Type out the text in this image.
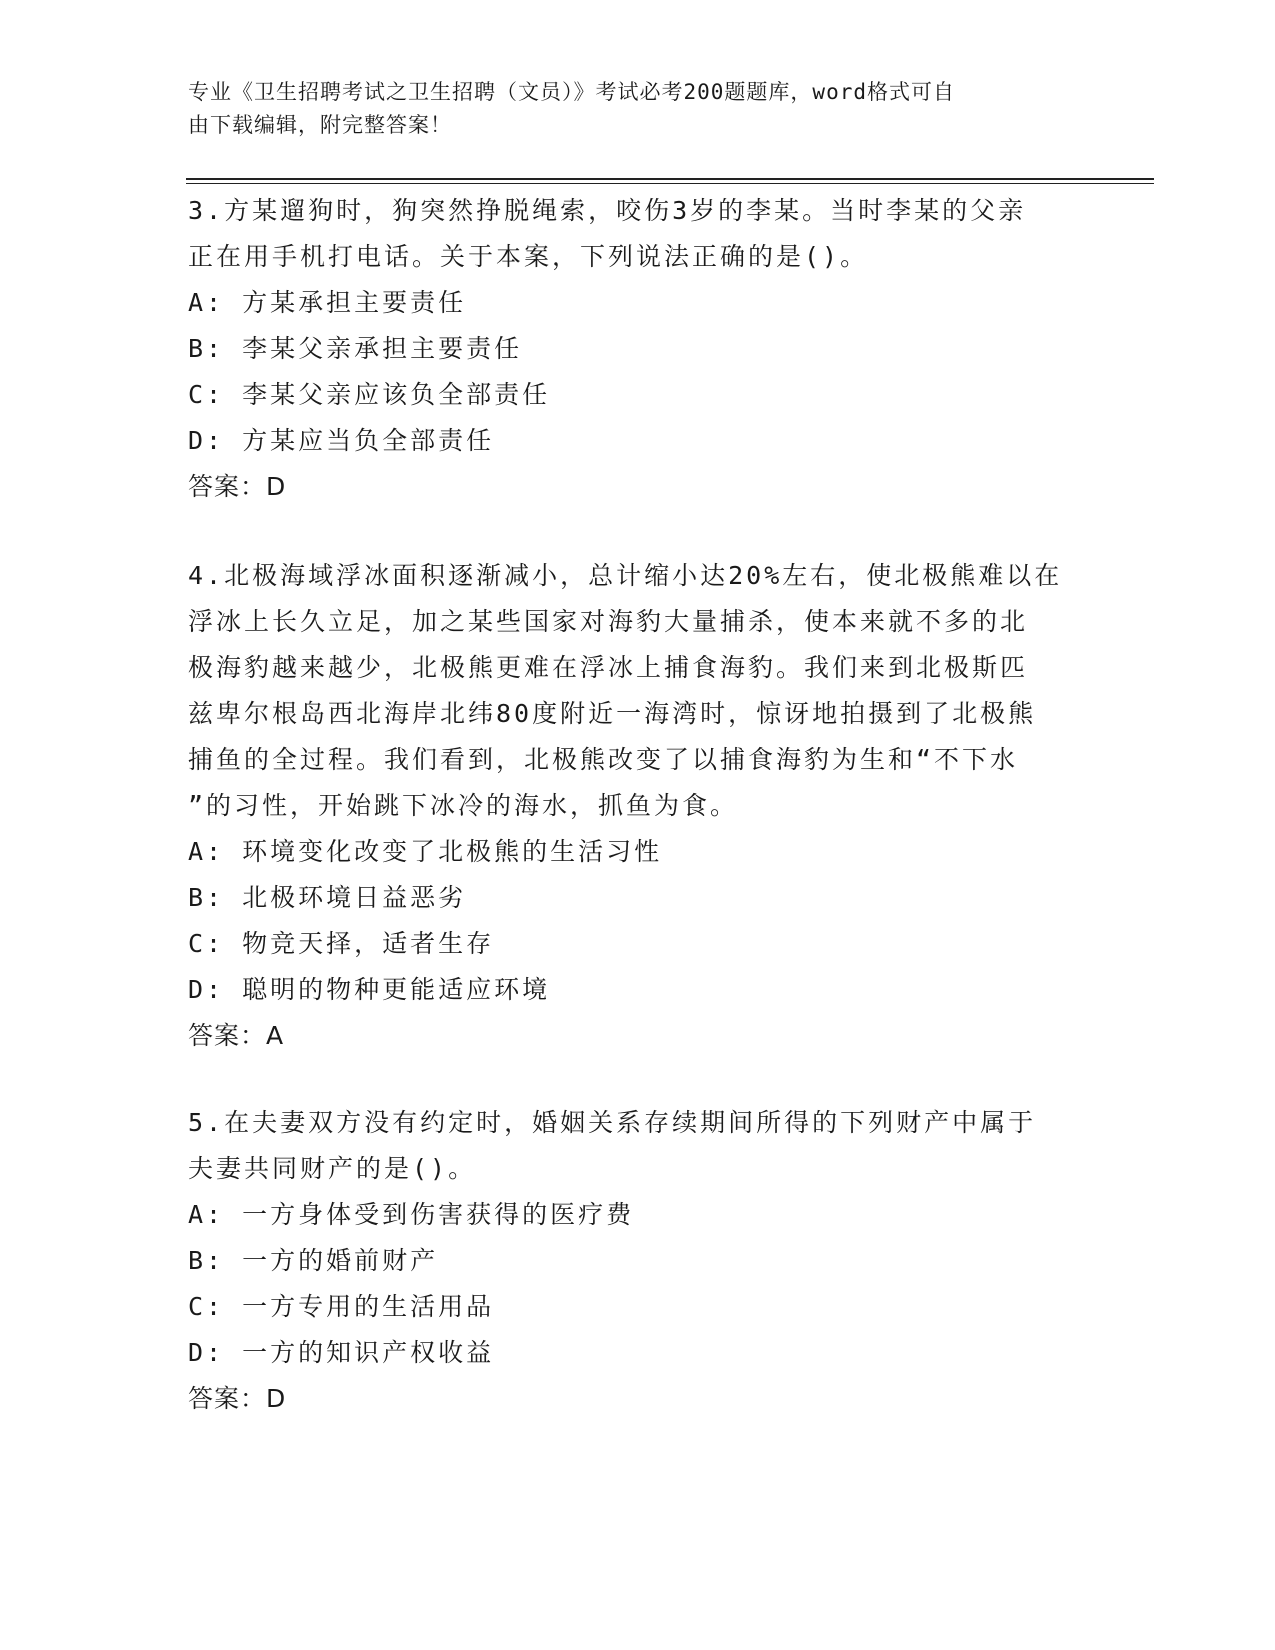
专业《卫生招聘考试之卫生招聘（文员）》考试必考200题题库，word格式可自
由下载编辑，附完整答案！
3.方某遛狗时，狗突然挣脱绳索，咬伤3岁的李某。当时李某的父亲
正在用手机打电话。关于本案，下列说法正确的是()。
A: 方某承担主要责任
B: 李某父亲承担主要责任
C: 李某父亲应该负全部责任
D: 方某应当负全部责任
答案：D
4.北极海域浮冰面积逐渐减小，总计缩小达20%左右，使北极熊难以在
浮冰上长久立足，加之某些国家对海豹大量捕杀，使本来就不多的北
极海豹越来越少，北极熊更难在浮冰上捕食海豹。我们来到北极斯匹
兹卑尔根岛西北海岸北纬80度附近一海湾时，惊讶地拍摄到了北极熊
捕鱼的全过程。我们看到，北极熊改变了以捕食海豹为生和“不下水
”的习性，开始跳下冰冷的海水，抓鱼为食。
A: 环境变化改变了北极熊的生活习性
B: 北极环境日益恶劣
C: 物竞天择，适者生存
D: 聪明的物种更能适应环境
答案：A
5.在夫妻双方没有约定时，婚姻关系存续期间所得的下列财产中属于
夫妻共同财产的是()。
A: 一方身体受到伤害获得的医疗费
B: 一方的婚前财产
C: 一方专用的生活用品
D: 一方的知识产权收益
答案：D
